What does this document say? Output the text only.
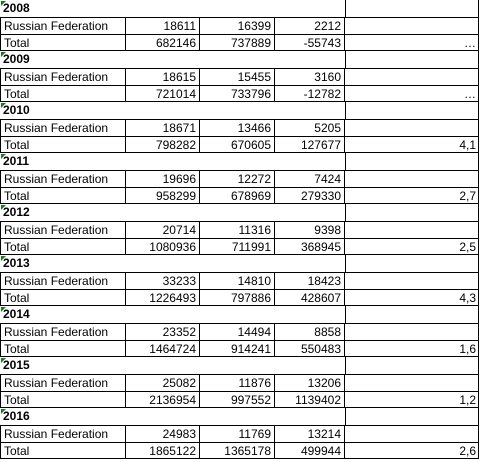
2008
Russian Federation	18611	16399	2212
Total	682146	737889	-55743	…
2009
Russian Federation	18615	15455	3160
Total	721014	733796	-12782	…
2010
Russian Federation	18671	13466	5205
Total	798282	670605	127677	4,1
2011
Russian Federation	19696	12272	7424
Total	958299	678969	279330	2,7
2012
Russian Federation	20714	11316	9398
Total	1080936	711991	368945	2,5
2013
Russian Federation	33233	14810	18423
Total	1226493	797886	428607	4,3
2014
Russian Federation	23352	14494	8858
Total	1464724	914241	550483	1,6
2015
Russian Federation	25082	11876	13206
Total	2136954	997552	1139402	1,2
2016
Russian Federation	24983	11769	13214
Total	1865122	1365178	499944	2,6
